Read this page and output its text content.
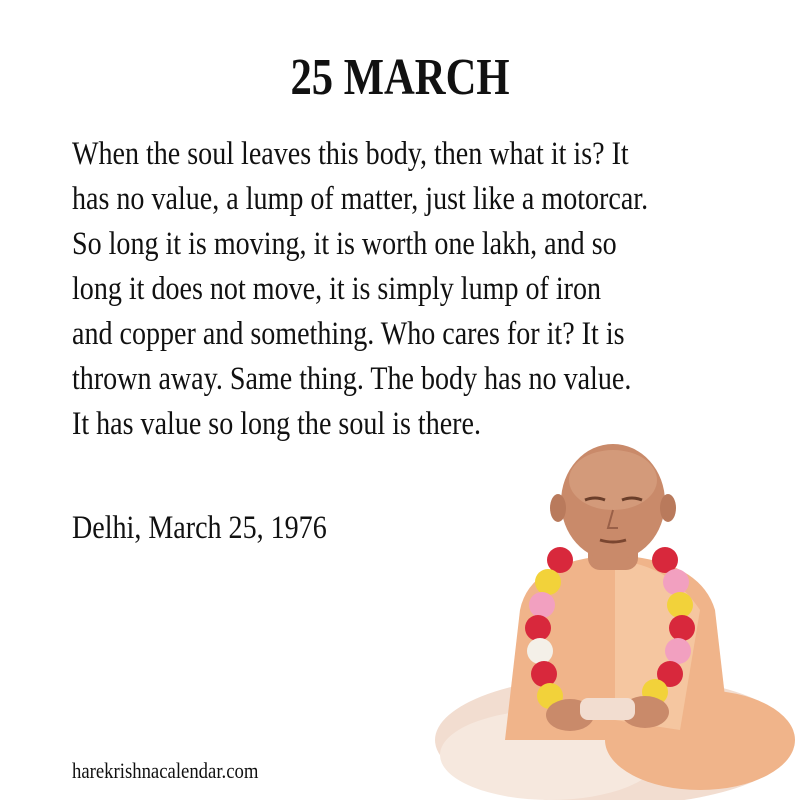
25 MARCH
When the soul leaves this body, then what it is? It
has no value, a lump of matter, just like a motorcar.
So long it is moving, it is worth one lakh, and so
long it does not move, it is simply lump of iron
and copper and something. Who cares for it? It is
thrown away. Same thing. The body has no value.
It has value so long the soul is there.
Delhi, March 25, 1976
harekrishnacalendar.com
